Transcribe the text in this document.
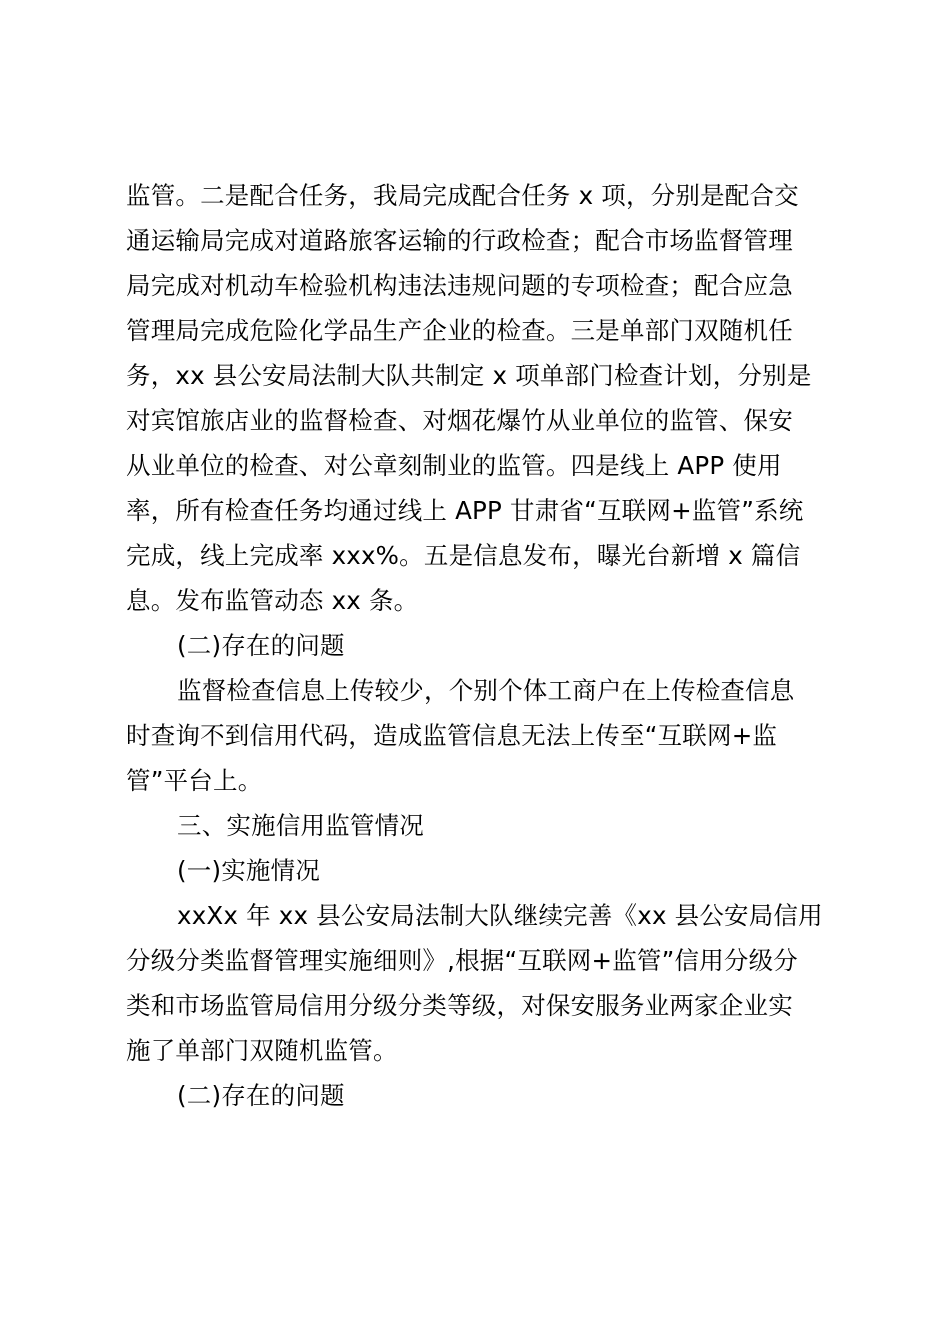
监管。二是配合任务，我局完成配合任务 x 项，分别是配合交
通运输局完成对道路旅客运输的行政检查；配合市场监督管理
局完成对机动车检验机构违法违规问题的专项检查；配合应急
管理局完成危险化学品生产企业的检查。三是单部门双随机任
务，xx 县公安局法制大队共制定 x 项单部门检查计划，分别是
对宾馆旅店业的监督检查、对烟花爆竹从业单位的监管、保安
从业单位的检查、对公章刻制业的监管。四是线上 APP 使用
率，所有检查任务均通过线上 APP 甘肃省“互联网+监管”系统
完成，线上完成率 xxx%。五是信息发布，曝光台新增 x 篇信
息。发布监管动态 xx 条。
(二)存在的问题
监督检查信息上传较少，个别个体工商户在上传检查信息
时查询不到信用代码，造成监管信息无法上传至“互联网+监
管”平台上。
三、实施信用监管情况
(一)实施情况
xxXx 年 xx 县公安局法制大队继续完善《xx 县公安局信用
分级分类监督管理实施细则》,根据“互联网+监管”信用分级分
类和市场监管局信用分级分类等级，对保安服务业两家企业实
施了单部门双随机监管。
(二)存在的问题
